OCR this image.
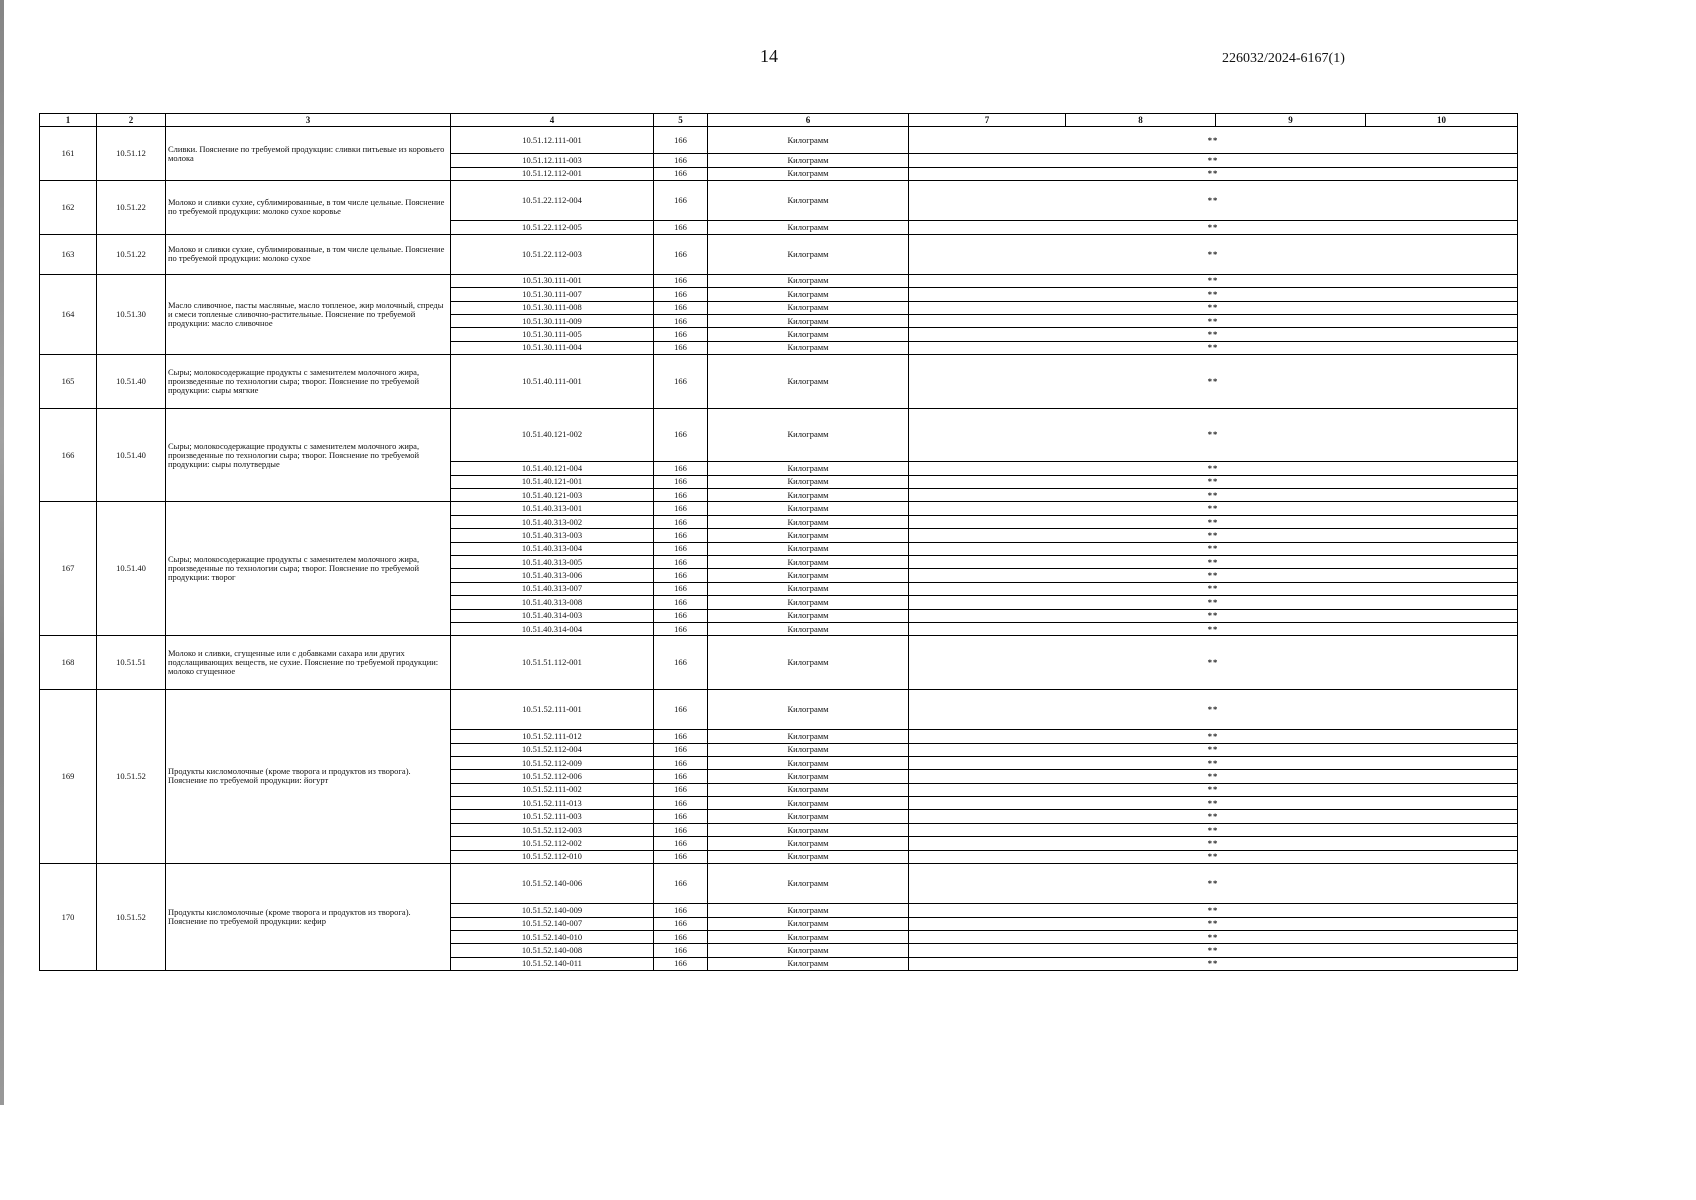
14	226032/2024-6167(1)
1	2	3	4	5	6	7	8	9	10
161	10.51.12	Сливки. Пояснение по требуемой продукции: сливки питьевые из коровьего молока	10.51.12.111-001	166	Килограмм	**			
			10.51.12.111-003	166	Килограмм	**			
			10.51.12.112-001	166	Килограмм	**			
162	10.51.22	Молоко и сливки сухие, сублимированные, в том числе цельные. Пояснение по требуемой продукции: молоко сухое коровье	10.51.22.112-004	166	Килограмм	**			
			10.51.22.112-005	166	Килограмм	**			
163	10.51.22	Молоко и сливки сухие, сублимированные, в том числе цельные. Пояснение по требуемой продукции: молоко сухое	10.51.22.112-003	166	Килограмм	**			
164	10.51.30	Масло сливочное, пасты масляные, масло топленое, жир молочный, спреды и смеси топленые сливочно-растительные. Пояснение по требуемой продукции: масло сливочное	10.51.30.111-001	166	Килограмм	**			
			10.51.30.111-007	166	Килограмм	**			
			10.51.30.111-008	166	Килограмм	**			
			10.51.30.111-009	166	Килограмм	**			
			10.51.30.111-005	166	Килограмм	**			
			10.51.30.111-004	166	Килограмм	**			
165	10.51.40	Сыры; молокосодержащие продукты с заменителем молочного жира, произведенные по технологии сыра; творог. Пояснение по требуемой продукции: сыры мягкие	10.51.40.111-001	166	Килограмм	**			
166	10.51.40	Сыры; молокосодержащие продукты с заменителем молочного жира, произведенные по технологии сыра; творог. Пояснение по требуемой продукции: сыры полутвердые	10.51.40.121-002	166	Килограмм	**			
			10.51.40.121-004	166	Килограмм	**			
			10.51.40.121-001	166	Килограмм	**			
			10.51.40.121-003	166	Килограмм	**			
167	10.51.40	Сыры; молокосодержащие продукты с заменителем молочного жира, произведенные по технологии сыра; творог. Пояснение по требуемой продукции: творог	10.51.40.313-001	166	Килограмм	**			
			10.51.40.313-002	166	Килограмм	**			
			10.51.40.313-003	166	Килограмм	**			
			10.51.40.313-004	166	Килограмм	**			
			10.51.40.313-005	166	Килограмм	**			
			10.51.40.313-006	166	Килограмм	**			
			10.51.40.313-007	166	Килограмм	**			
			10.51.40.313-008	166	Килограмм	**			
			10.51.40.314-003	166	Килограмм	**			
			10.51.40.314-004	166	Килограмм	**			
168	10.51.51	Молоко и сливки, сгущенные или с добавками сахара или других подслащивающих веществ, не сухие. Пояснение по требуемой продукции: молоко сгущенное	10.51.51.112-001	166	Килограмм	**			
169	10.51.52	Продукты кисломолочные (кроме творога и продуктов из творога). Пояснение по требуемой продукции: йогурт	10.51.52.111-001	166	Килограмм	**			
			10.51.52.111-012	166	Килограмм	**			
			10.51.52.112-004	166	Килограмм	**			
			10.51.52.112-009	166	Килограмм	**			
			10.51.52.112-006	166	Килограмм	**			
			10.51.52.111-002	166	Килограмм	**			
			10.51.52.111-013	166	Килограмм	**			
			10.51.52.111-003	166	Килограмм	**			
			10.51.52.112-003	166	Килограмм	**			
			10.51.52.112-002	166	Килограмм	**			
			10.51.52.112-010	166	Килограмм	**			
170	10.51.52	Продукты кисломолочные (кроме творога и продуктов из творога). Пояснение по требуемой продукции: кефир	10.51.52.140-006	166	Килограмм	**			
			10.51.52.140-009	166	Килограмм	**			
			10.51.52.140-007	166	Килограмм	**			
			10.51.52.140-010	166	Килограмм	**			
			10.51.52.140-008	166	Килограмм	**			
			10.51.52.140-011	166	Килограмм	**			
